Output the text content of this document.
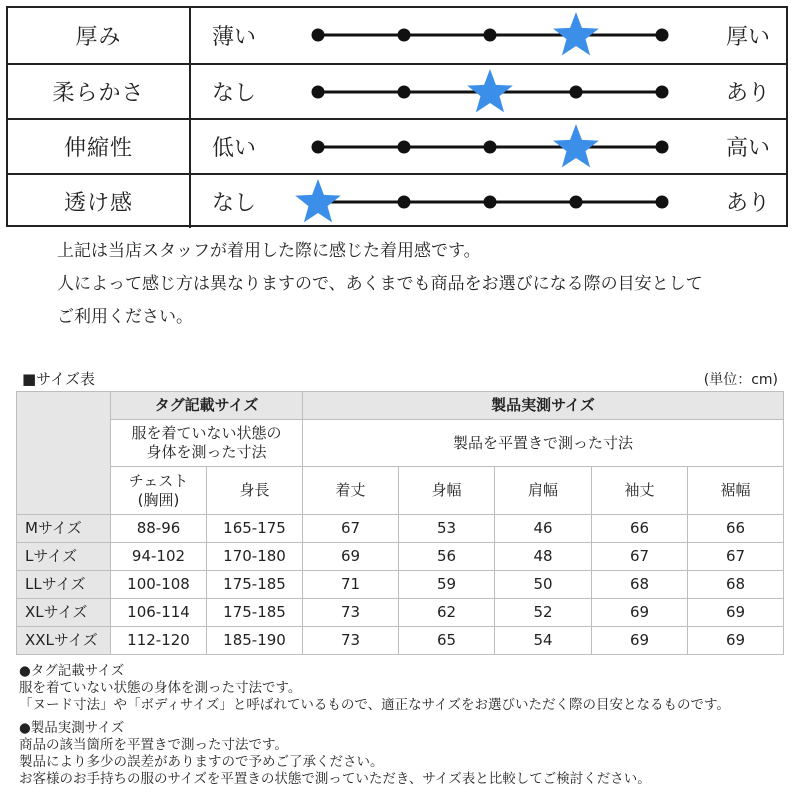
厚み	薄い	厚い
柔らかさ	なし	あり
伸縮性	低い	高い
透け感	なし	あり
上記は当店スタッフが着用した際に感じた着用感です。
人によって感じ方は異なりますので、あくまでも商品をお選びになる際の目安として
ご利用ください。
■サイズ表	(単位：cm)
	タグ記載サイズ		製品実測サイズ				
	服を着ていない状態の
身体を測った寸法		製品を平置きで測った寸法				
	チェスト
(胸囲)	身長	着丈	身幅	肩幅	袖丈	裾幅
Mサイズ	88-96	165-175	67	53	46	66	66
Lサイズ	94-102	170-180	69	56	48	67	67
LLサイズ	100-108	175-185	71	59	50	68	68
XLサイズ	106-114	175-185	73	62	52	69	69
XXLサイズ	112-120	185-190	73	65	54	69	69
●タグ記載サイズ
服を着ていない状態の身体を測った寸法です。
「ヌード寸法」や「ボディサイズ」と呼ばれているもので、適正なサイズをお選びいただく際の目安となるものです。
●製品実測サイズ
商品の該当箇所を平置きで測った寸法です。
製品により多少の誤差がありますので予めご了承ください。
お客様のお手持ちの服のサイズを平置きの状態で測っていただき、サイズ表と比較してご検討ください。
